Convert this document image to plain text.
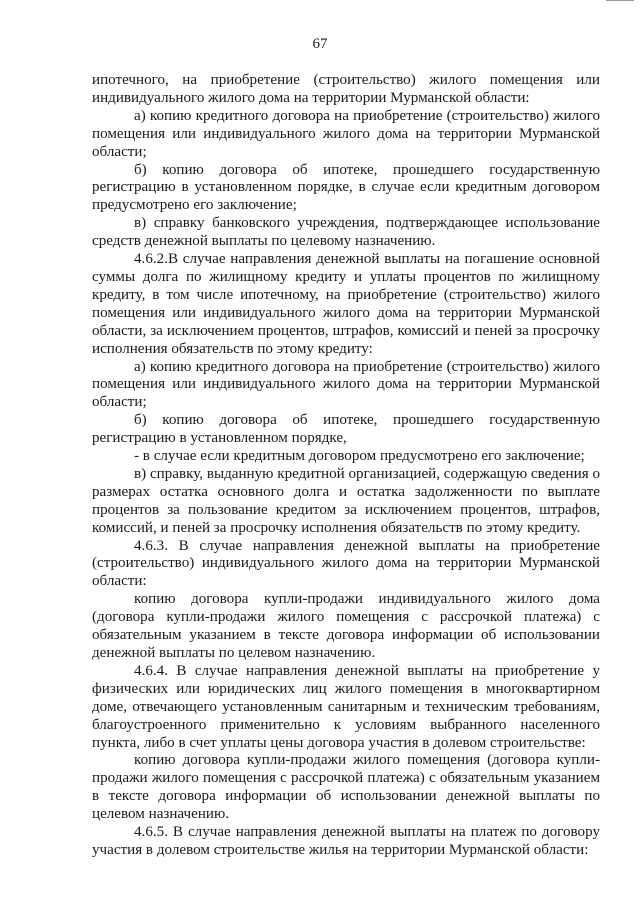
67

ипотечного, на приобретение (строительство) жилого помещения или индивидуального жилого дома на территории Мурманской области:

а) копию кредитного договора на приобретение (строительство) жилого помещения или индивидуального жилого дома на территории Мурманской области;

б) копию договора об ипотеке, прошедшего государственную регистрацию в установленном порядке, в случае если кредитным договором предусмотрено его заключение;

в) справку банковского учреждения, подтверждающее использование средств денежной выплаты по целевому назначению.

4.6.2.В случае направления денежной выплаты на погашение основной суммы долга по жилищному кредиту и уплаты процентов по жилищному кредиту, в том числе ипотечному, на приобретение (строительство) жилого помещения или индивидуального жилого дома на территории Мурманской области, за исключением процентов, штрафов, комиссий и пеней за просрочку исполнения обязательств по этому кредиту:

а) копию кредитного договора на приобретение (строительство) жилого помещения или индивидуального жилого дома на территории Мурманской области;

б) копию договора об ипотеке, прошедшего государственную регистрацию в установленном порядке,

- в случае если кредитным договором предусмотрено его заключение;

в) справку, выданную кредитной организацией, содержащую сведения о размерах остатка основного долга и остатка задолженности по выплате процентов за пользование кредитом за исключением процентов, штрафов, комиссий, и пеней за просрочку исполнения обязательств по этому кредиту.

4.6.3. В случае направления денежной выплаты на приобретение (строительство) индивидуального жилого дома на территории Мурманской области:

копию договора купли-продажи индивидуального жилого дома (договора купли-продажи жилого помещения с рассрочкой платежа) с обязательным указанием в тексте договора информации об использовании денежной выплаты по целевом назначению.

4.6.4. В случае направления денежной выплаты на приобретение у физических или юридических лиц жилого помещения в многоквартирном доме, отвечающего установленным санитарным и техническим требованиям, благоустроенного применительно к условиям выбранного населенного пункта, либо в счет уплаты цены договора участия в долевом строительстве:

копию договора купли-продажи жилого помещения (договора купли-продажи жилого помещения с рассрочкой платежа) с обязательным указанием в тексте договора информации об использовании денежной выплаты по целевом назначению.

4.6.5. В случае направления денежной выплаты на платеж по договору участия в долевом строительстве жилья на территории Мурманской области:
